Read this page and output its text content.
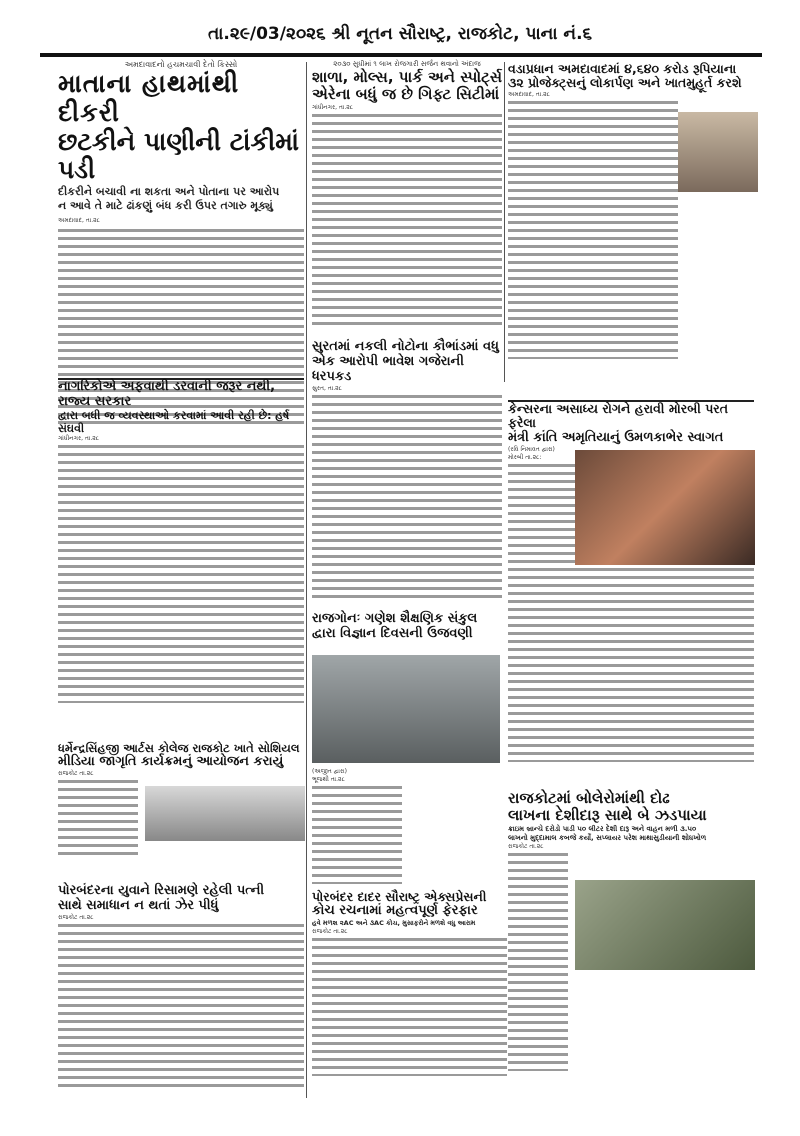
તા.૨૯/03/૨૦૨૬ શ્રી નૂતન સૌરાષ્ટ્ર, રાજકોટ, પાના નં.૬
અમદાવાદનો હચમચાવી દેતો કિસ્સો
માતાના હાથમાંથી દીકરી
છટકીને પાણીની ટાંકીમાં પડી
દીકરીને બચાવી ના શકતા અને પોતાના પર આરોપ
ન આવે તે માટે ઢાંકણું બંધ કરી ઉપર તગારુ મૂક્યું
અમદાવાદ, તા.૨૮
૨૦૩૦ સુધીમાં ૧ લાખ રોજગારી સર્જન થવાનો અંદાજ
શાળા, મોલ્સ, પાર્ક અને સ્પોર્ટ્સ
એરેના બધું જ છે ગિફ્ટ સિટીમાં
ગાંધીનગર, તા.૨૮
વડાપ્રધાન અમદાવાદમાં ૪,૬૪૦ કરોડ રૂપિયાના
૩૨ પ્રોજેક્ટ્સનું લોકાર્પણ અને ખાતમુહૂર્ત કરશે
અમદાવાદ, તા.૨૮
નાગરિકોએ અફવાથી ડરવાની જરૂર નથી, રાજ્ય સરકાર
દ્વારા બધી જ વ્યવસ્થાઓ કરવામાં આવી રહી છે: હર્ષ સંઘવી
ગાંધીનગર, તા.૨૮
સુરતમાં નકલી નોટોના કૌભાંડમાં વધુ
એક આરોપી ભાવેશ ગજેરાની ધરપકડ
સુરત, તા.૨૮
કેન્સરના અસાધ્ય રોગને હરાવી મોરબી પરત ફરેલા
મંત્રી કાંતિ અમૃતિયાનું ઉમળકાભેર સ્વાગત
(રવિ નિમાવત દ્વારા)
મોરબી તા.૨૮:
રાજગોનઃ ગણેશ શૈક્ષણિક સંકુલ
દ્વારા વિજ્ઞાન દિવસની ઉજવણી
(અજીત દ્વારા)
ભૂજથી તા.૨૮
ધર્મેન્દ્રસિંહજી આર્ટસ કોલેજ રાજકોટ ખાતે સોશિયલ
મીડિયા જાગૃતિ કાર્યક્રમનું આયોજન કરાયું
રાજકોટ તા.૨૮
પોરબંદરના યુવાને રિસામણે રહેલી પત્ની
સાથે સમાધાન ન થતાં ઝેર પીધું
રાજકોટ તા.૨૮
પોરબંદર દાદર સૌરાષ્ટ્ર એક્સપ્રેસની
કોચ રચનામાં મહત્વપૂર્ણ ફેરફાર
હવે મળશ ૨AC અને ૩AC કોચ, મુસાફરોને મળશે વધુ આરામ
રાજકોટ તા.૨૮
રાજકોટમાં બોલેરોમાંથી દોઢ
લાખના દેશીદારૂ સાથે બે ઝડપાયા
ક્રાઇમ બ્રાન્ચે દરોડો પાડી ૫૦ લીટર દેશી દારૂ અને વાહન મળી ૩.૫૦
લાખનો મુદ્દામાલ કબજે કર્યો, સપ્લાયર પરેશ માથાસુડીયાની શોધખોળ
રાજકોટ તા.૨૮
